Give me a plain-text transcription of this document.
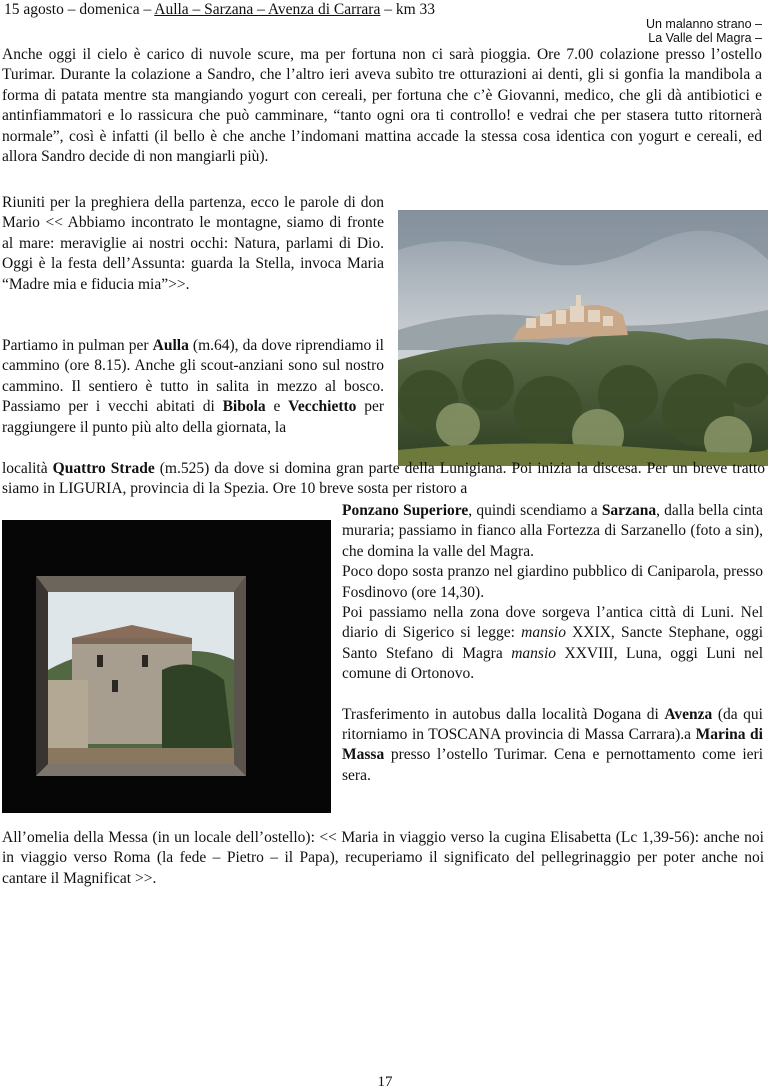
15 agosto – domenica – Aulla – Sarzana – Avenza di Carrara – km 33
Un malanno strano –
La Valle del Magra –

Anche oggi il cielo è carico di nuvole scure, ma per fortuna non ci sarà pioggia. Ore 7.00 colazione presso l’ostello Turimar. Durante la colazione a Sandro, che l’altro ieri aveva subìto tre otturazioni ai denti, gli si gonfia la mandibola a forma di patata mentre sta mangiando yogurt con cereali, per fortuna che c’è Giovanni, medico, che gli dà antibiotici e antinfiammatori e lo rassicura che può camminare, “tanto ogni ora ti controllo! e vedrai che per stasera tutto ritornerà normale”, così è infatti (il bello è che anche l’indomani mattina accade la stessa cosa identica con yogurt e cereali, ed allora Sandro decide di non mangiarli più).

Riuniti per la preghiera della partenza, ecco le parole di don Mario << Abbiamo incontrato le montagne, siamo di fronte al mare: meraviglie ai nostri occhi: Natura, parlami di Dio. Oggi è la festa dell’Assunta: guarda la Stella, invoca Maria “Madre mia e fiducia mia”>>.

Partiamo in pulman per Aulla (m.64), da dove riprendiamo il cammino (ore 8.15). Anche gli scout-anziani sono sul nostro cammino. Il sentiero è tutto in salita in mezzo al bosco. Passiamo per i vecchi abitati di Bibola e Vecchietto per raggiungere il punto più alto della giornata, la

località Quattro Strade (m.525) da dove si domina gran parte della Lunigiana. Poi inizia la discesa. Per un breve tratto siamo in LIGURIA, provincia di la Spezia. Ore 10 breve sosta per ristoro a

Ponzano Superiore, quindi scendiamo a Sarzana, dalla bella cinta muraria; passiamo in fianco alla Fortezza di Sarzanello (foto a sin), che domina la valle del Magra.
Poco dopo sosta pranzo nel giardino pubblico di Caniparola, presso Fosdinovo (ore 14,30).
Poi passiamo nella zona dove sorgeva l’antica città di Luni. Nel diario di Sigerico si legge: mansio XXIX, Sancte Stephane, oggi Santo Stefano di Magra mansio XXVIII, Luna, oggi Luni nel comune di Ortonovo.
Trasferimento in autobus dalla località Dogana di Avenza (da qui ritorniamo in TOSCANA provincia di Massa Carrara).a Marina di Massa presso l’ostello Turimar. Cena e pernottamento come ieri sera.

All’omelia della Messa (in un locale dell’ostello): << Maria in viaggio verso la cugina Elisabetta (Lc 1,39-56): anche noi in viaggio verso Roma (la fede – Pietro – il Papa), recuperiamo il significato del pellegrinaggio per poter anche noi cantare il Magnificat >>.

17
